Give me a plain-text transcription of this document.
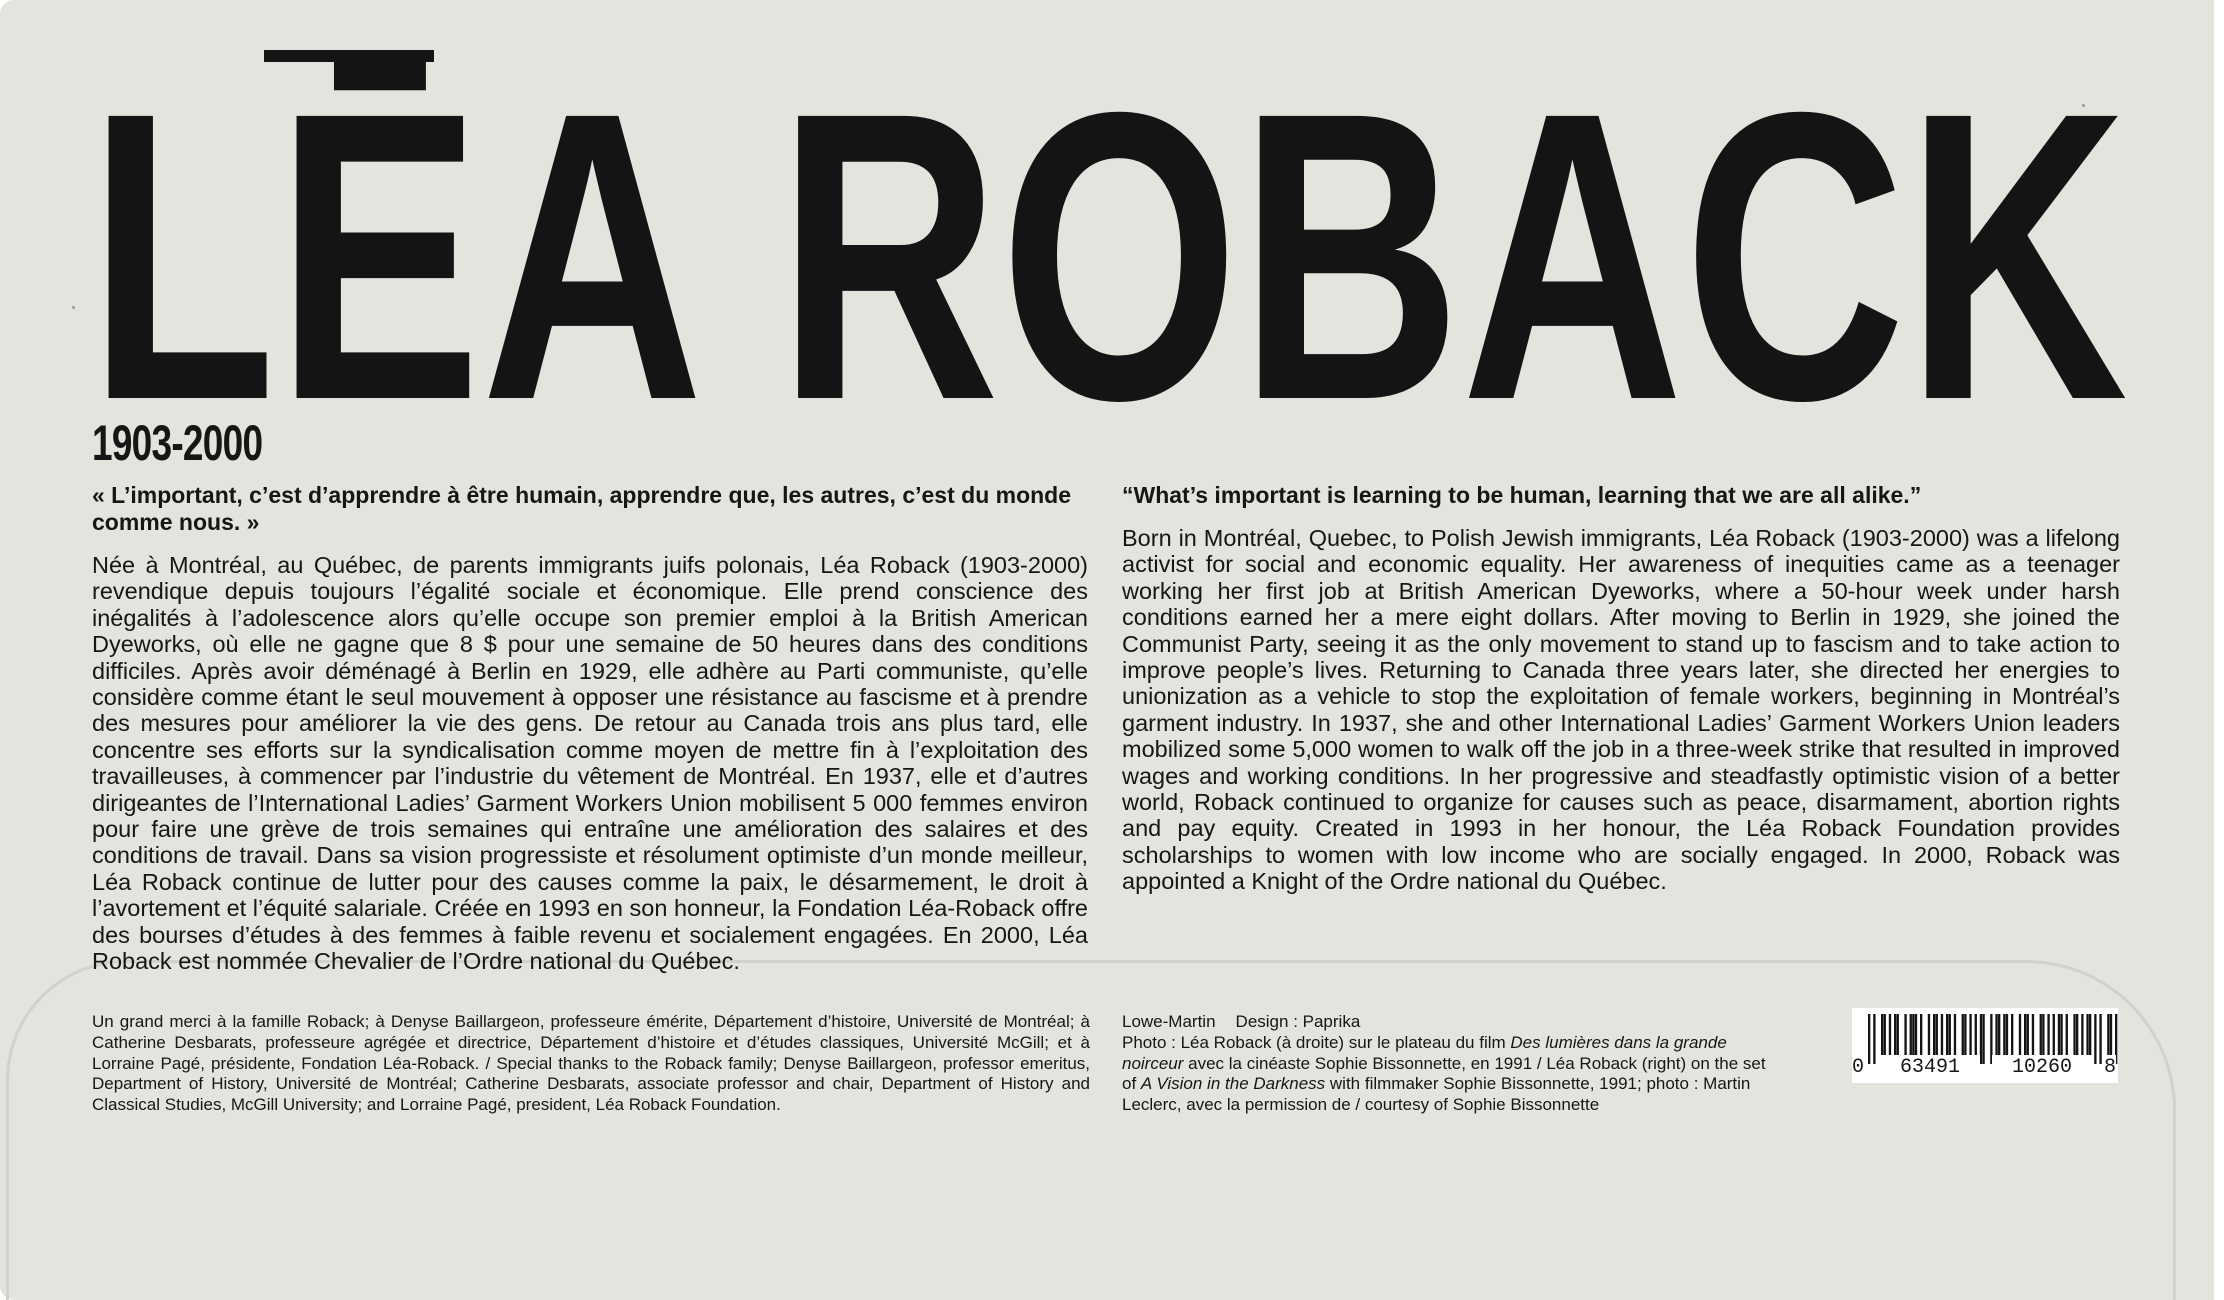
LĒA ROBACK
1903-2000

« L’important, c’est d’apprendre à être humain, apprendre que, les autres, c’est du monde comme nous. »

Née à Montréal, au Québec, de parents immigrants juifs polonais, Léa Roback (1903-2000) revendique depuis toujours l’égalité sociale et économique. Elle prend conscience des inégalités à l’adolescence alors qu’elle occupe son premier emploi à la British American Dyeworks, où elle ne gagne que 8 $ pour une semaine de 50 heures dans des conditions difficiles. Après avoir déménagé à Berlin en 1929, elle adhère au Parti communiste, qu’elle considère comme étant le seul mouvement à opposer une résistance au fascisme et à prendre des mesures pour améliorer la vie des gens. De retour au Canada trois ans plus tard, elle concentre ses efforts sur la syndicalisation comme moyen de mettre fin à l’exploitation des travailleuses, à commencer par l’industrie du vêtement de Montréal. En 1937, elle et d’autres dirigeantes de l’International Ladies’ Garment Workers Union mobilisent 5 000 femmes environ pour faire une grève de trois semaines qui entraîne une amélioration des salaires et des conditions de travail. Dans sa vision progressiste et résolument optimiste d’un monde meilleur, Léa Roback continue de lutter pour des causes comme la paix, le désarmement, le droit à l’avortement et l’équité salariale. Créée en 1993 en son honneur, la Fondation Léa-Roback offre des bourses d’études à des femmes à faible revenu et socialement engagées. En 2000, Léa Roback est nommée Chevalier de l’Ordre national du Québec.

“What’s important is learning to be human, learning that we are all alike.”

Born in Montréal, Quebec, to Polish Jewish immigrants, Léa Roback (1903-2000) was a lifelong activist for social and economic equality. Her awareness of inequities came as a teenager working her first job at British American Dyeworks, where a 50-hour week under harsh conditions earned her a mere eight dollars. After moving to Berlin in 1929, she joined the Communist Party, seeing it as the only movement to stand up to fascism and to take action to improve people’s lives. Returning to Canada three years later, she directed her energies to unionization as a vehicle to stop the exploitation of female workers, beginning in Montréal’s garment industry. In 1937, she and other International Ladies’ Garment Workers Union leaders mobilized some 5,000 women to walk off the job in a three-week strike that resulted in improved wages and working conditions. In her progressive and steadfastly optimistic vision of a better world, Roback continued to organize for causes such as peace, disarmament, abortion rights and pay equity. Created in 1993 in her honour, the Léa Roback Foundation provides scholarships to women with low income who are socially engaged. In 2000, Roback was appointed a Knight of the Ordre national du Québec.

Un grand merci à la famille Roback; à Denyse Baillargeon, professeure émérite, Département d’histoire, Université de Montréal; à Catherine Desbarats, professeure agrégée et directrice, Département d’histoire et d’études classiques, Université McGill; et à Lorraine Pagé, présidente, Fondation Léa-Roback. / Special thanks to the Roback family; Denyse Baillargeon, professor emeritus, Department of History, Université de Montréal; Catherine Desbarats, associate professor and chair, Department of History and Classical Studies, McGill University; and Lorraine Pagé, president, Léa Roback Foundation.

Lowe-Martin Design : Paprika

Photo : Léa Roback (à droite) sur le plateau du film Des lumières dans la grande noirceur avec la cinéaste Sophie Bissonnette, en 1991 / Léa Roback (right) on the set of A Vision in the Darkness with filmmaker Sophie Bissonnette, 1991; photo : Martin Leclerc, avec la permission de / courtesy of Sophie Bissonnette

0	63491	10260	8
